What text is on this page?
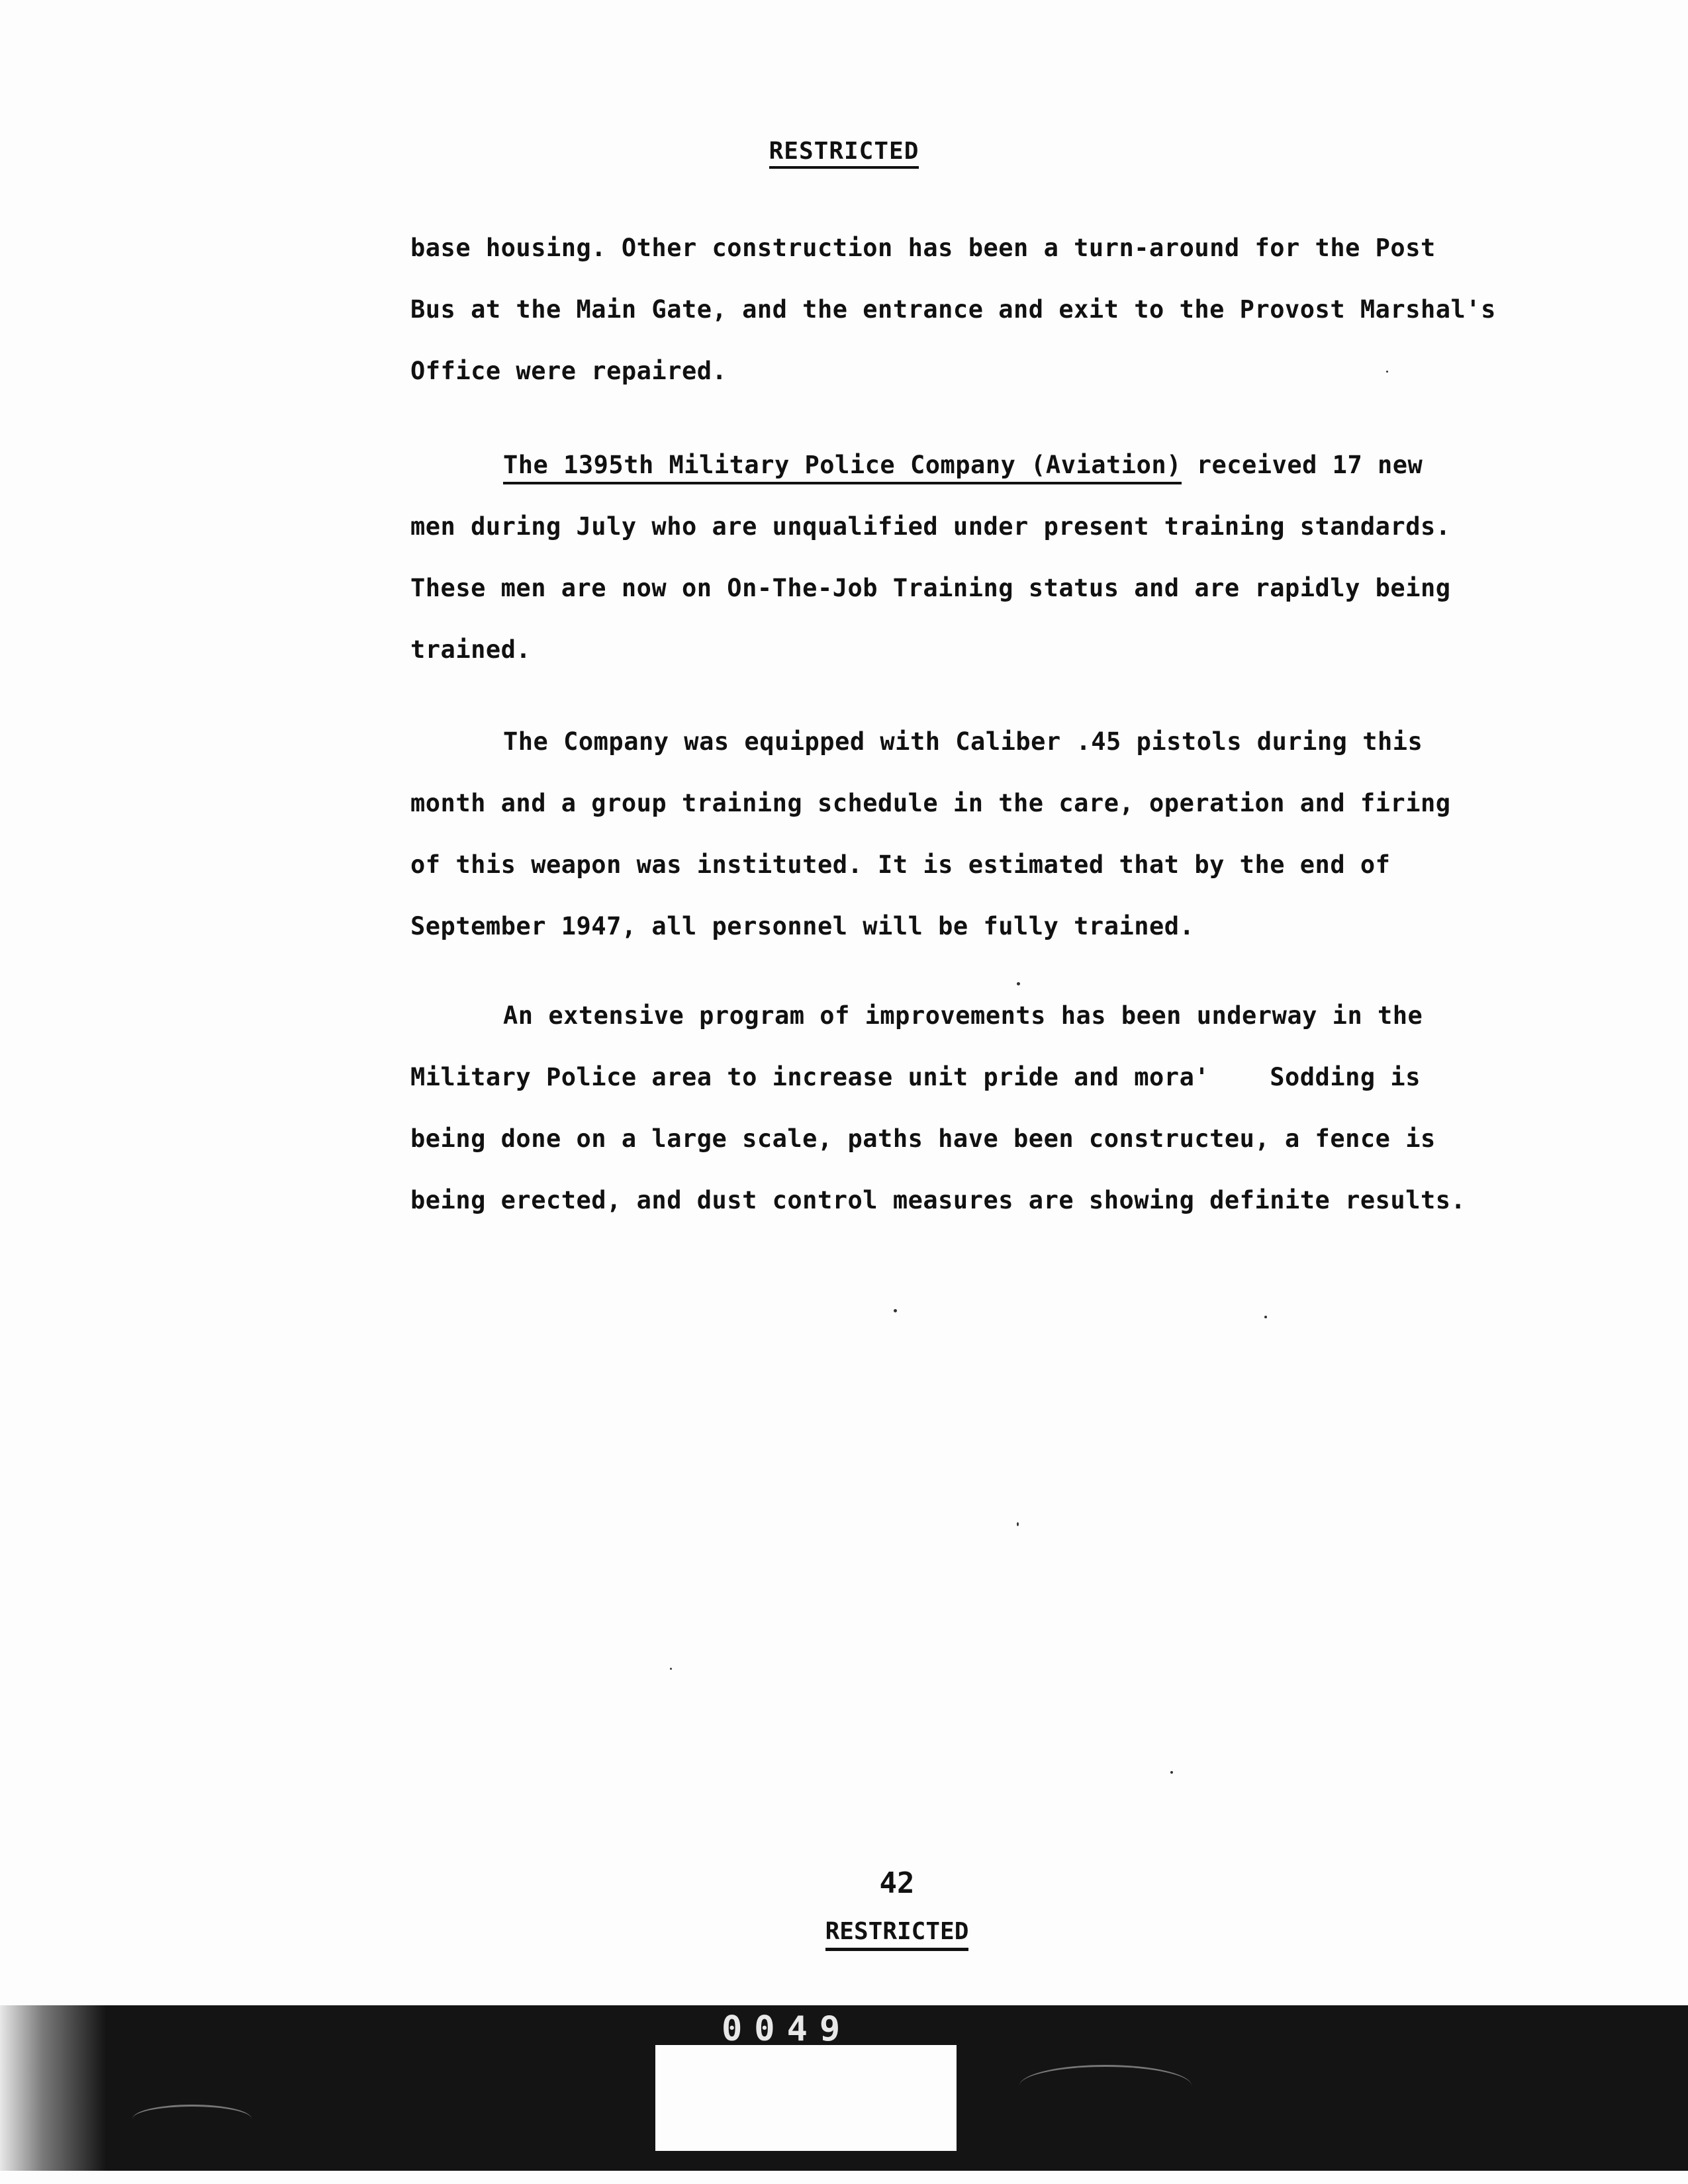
RESTRICTED
base housing. Other construction has been a turn-around for the Post
Bus at the Main Gate, and the entrance and exit to the Provost Marshal's
Office were repaired.
The 1395th Military Police Company (Aviation) received 17 new
men during July who are unqualified under present training standards.
These men are now on On-The-Job Training status and are rapidly being
trained.
The Company was equipped with Caliber .45 pistols during this
month and a group training schedule in the care, operation and firing
of this weapon was instituted. It is estimated that by the end of
September 1947, all personnel will be fully trained.
An extensive program of improvements has been underway in the
Military Police area to increase unit pride and mora'    Sodding is
being done on a large scale, paths have been constructeu, a fence is
being erected, and dust control measures are showing definite results.
42
RESTRICTED
0049
